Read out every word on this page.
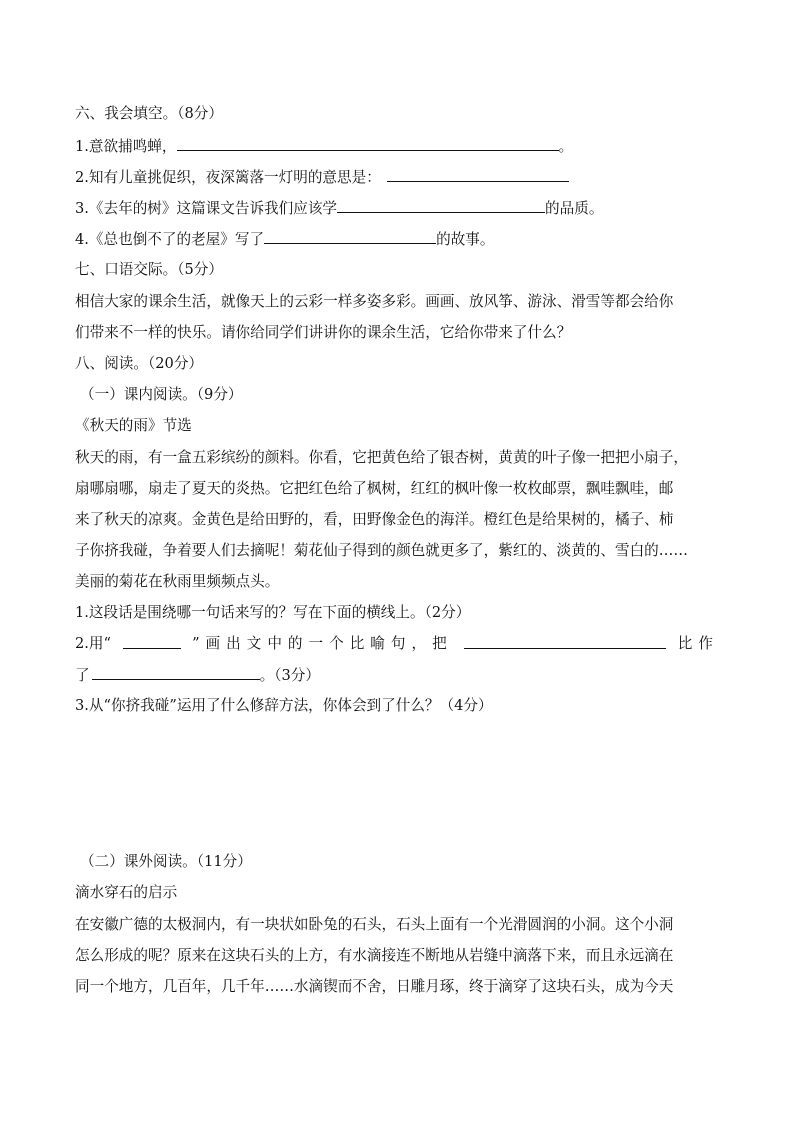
六、我会填空。（8分）
1.意欲捕鸣蝉，	。
2.知有儿童挑促织，夜深篱落一灯明的意思是：
3.《去年的树》这篇课文告诉我们应该学	的品质。
4.《总也倒不了的老屋》写了	的故事。
七、口语交际。（5分）
相信大家的课余生活，就像天上的云彩一样多姿多彩。画画、放风筝、游泳、滑雪等都会给你
们带来不一样的快乐。请你给同学们讲讲你的课余生活，它给你带来了什么？
八、阅读。（20分）
（一）课内阅读。（9分）
《秋天的雨》节选
秋天的雨，有一盒五彩缤纷的颜料。你看，它把黄色给了银杏树，黄黄的叶子像一把把小扇子，
扇哪扇哪，扇走了夏天的炎热。它把红色给了枫树，红红的枫叶像一枚枚邮票，飘哇飘哇，邮
来了秋天的凉爽。金黄色是给田野的，看，田野像金色的海洋。橙红色是给果树的，橘子、柿
子你挤我碰，争着要人们去摘呢！菊花仙子得到的颜色就更多了，紫红的、淡黄的、雪白的……
美丽的菊花在秋雨里频频点头。
1.这段话是围绕哪一句话来写的？写在下面的横线上。（2分）
2.用“	”画出文中的一个比喻句，把	比作
了	。（3分）
3.从“你挤我碰”运用了什么修辞方法，你体会到了什么？（4分）
（二）课外阅读。（11分）
滴水穿石的启示
在安徽广德的太极洞内，有一块状如卧兔的石头，石头上面有一个光滑圆润的小洞。这个小洞
怎么形成的呢？原来在这块石头的上方，有水滴接连不断地从岩缝中滴落下来，而且永远滴在
同一个地方，几百年，几千年……水滴锲而不舍，日雕月琢，终于滴穿了这块石头，成为今天
